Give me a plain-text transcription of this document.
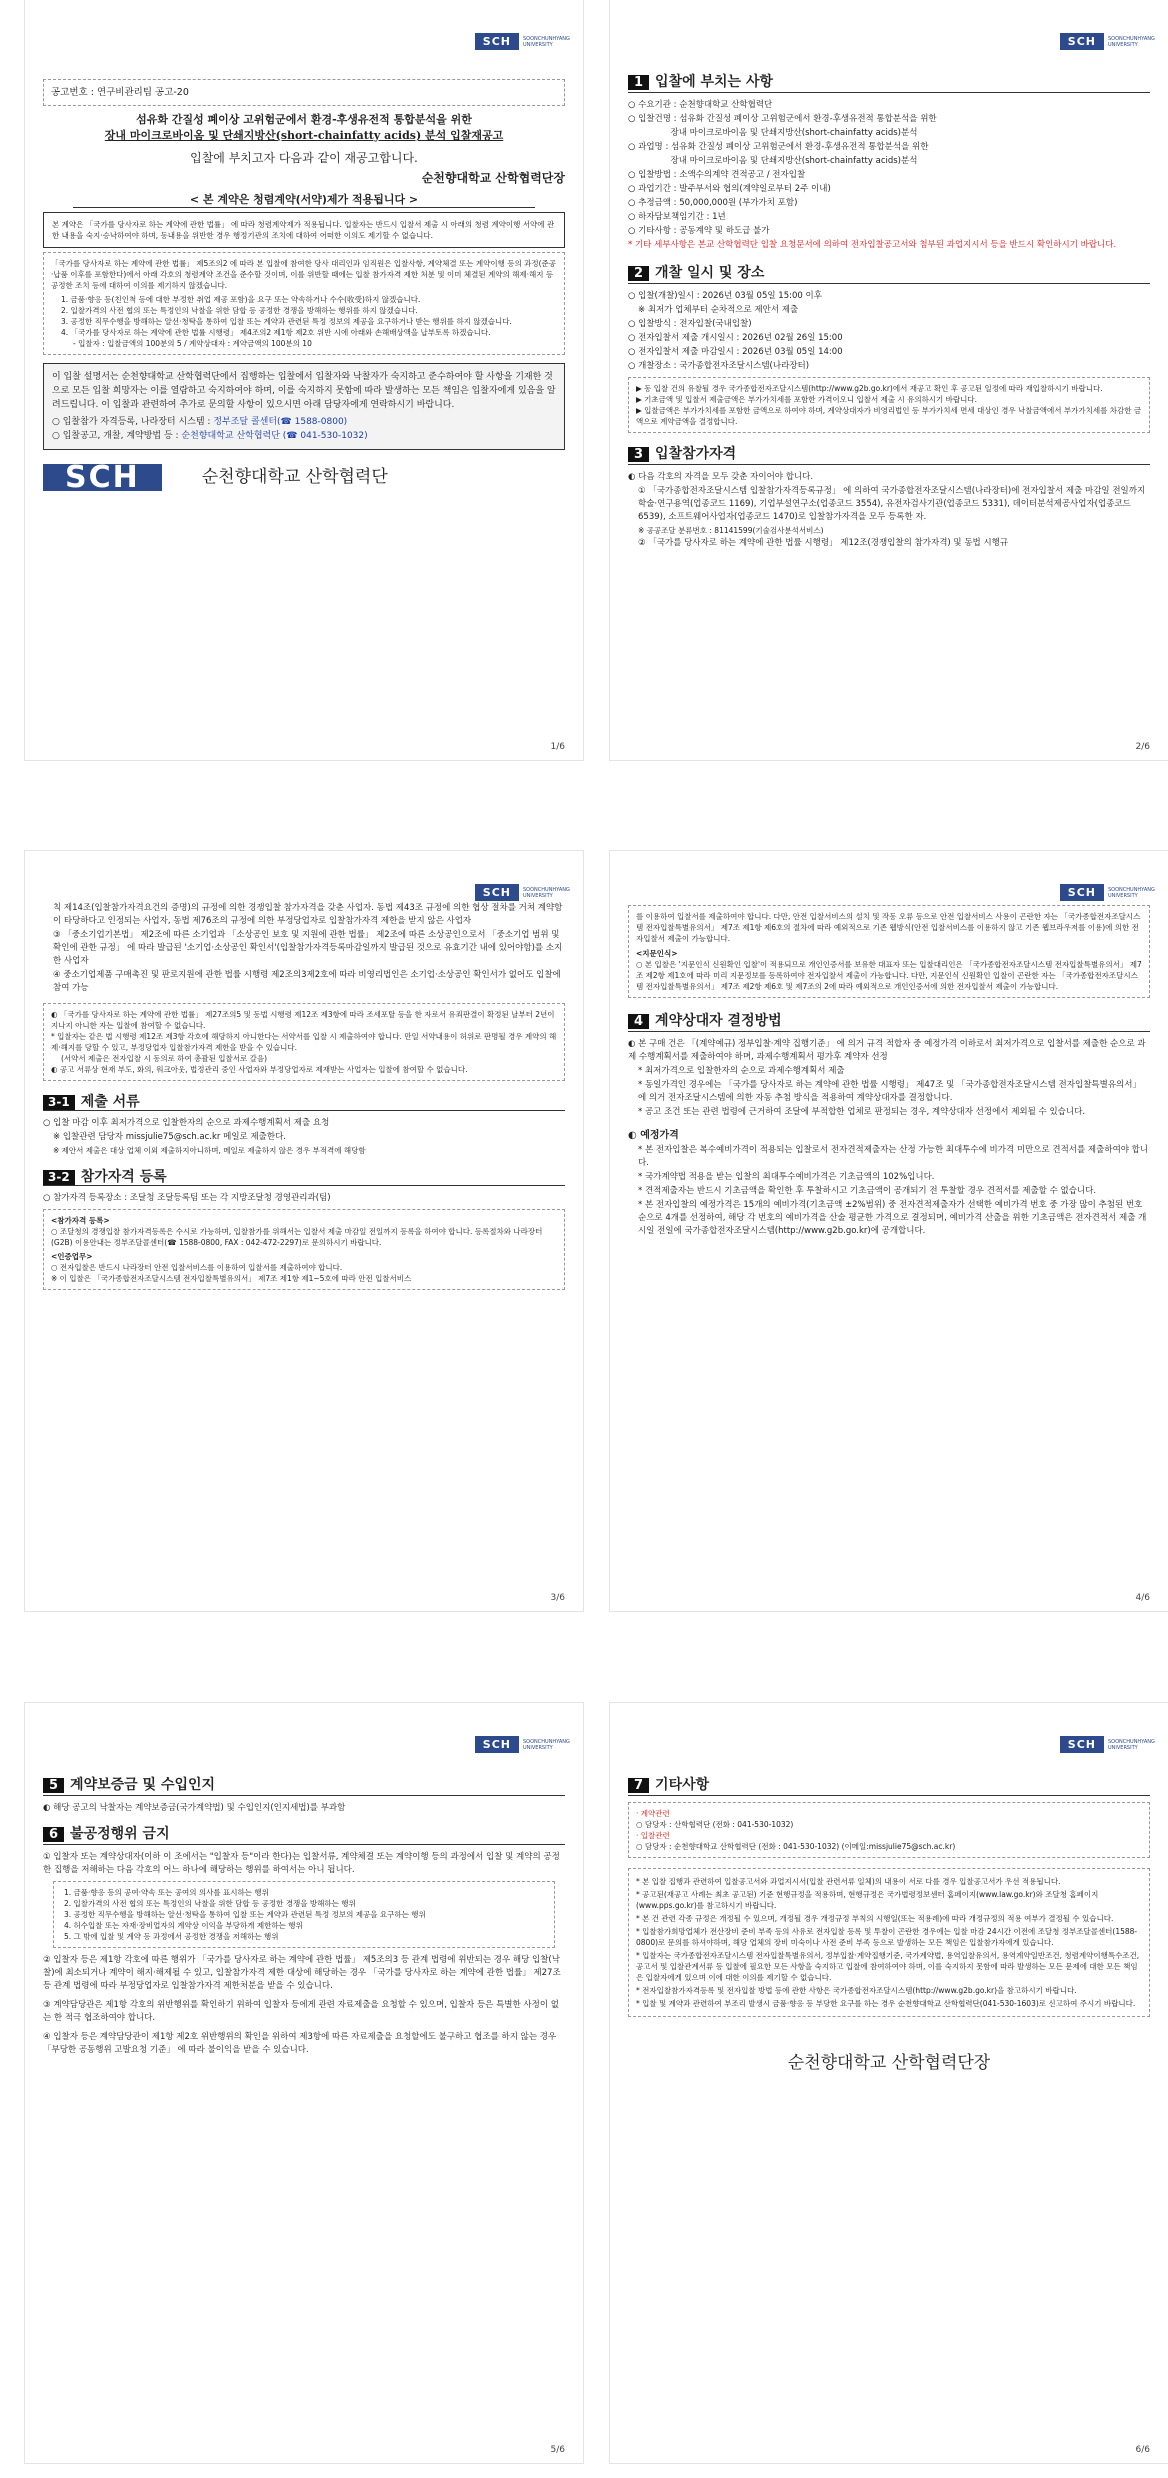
SCH	SOONCHUNHYANG UNIVERSITY
공고번호 : 연구비관리팀 공고-20
섬유화 간질성 폐이상 고위험군에서 환경-후생유전적 통합분석을 위한
장내 마이크로바이옴 및 단쇄지방산(short-chainfatty acids) 분석 입찰재공고
입찰에 부치고자 다음과 같이 재공고합니다.
순천향대학교 산학협력단장
< 본 계약은 청렴계약(서약)제가 적용됩니다 >
본 계약은 「국가를 당사자로 하는 계약에 관한 법률」 에 따라 청렴계약제가 적용됩니다. 입찰자는 반드시 입찰서 제출 시 아래의 청렴 계약이행 서약에 관한 내용을 숙지·승낙하여야 하며, 동내용을 위반한 경우 행정기관의 조치에 대하여 어떠한 이의도 제기할 수 없습니다.
「국가를 당사자로 하는 계약에 관한 법률」 제5조의2 에 따라 본 입찰에 참여한 당사 대리인과 임직원은 입찰사항, 계약체결 또는 계약이행 등의 과정(준공·납품 이후를 포함한다)에서 아래 각호의 청렴계약 조건을 준수할 것이며, 이를 위반할 때에는 입찰 참가자격 제한 처분 및 이미 체결된 계약의 해제·해지 등 공정한 조치 등에 대하여 이의를 제기하지 않겠습니다.
1. 금품·향응 등(친인척 등에 대한 부정한 취업 제공 포함)을 요구 또는 약속하거나 수수(收受)하지 않겠습니다.
2. 입찰가격의 사전 협의 또는 특정인의 낙찰을 위한 담합 등 공정한 경쟁을 방해하는 행위를 하지 않겠습니다.
3. 공정한 직무수행을 방해하는 알선·청탁을 통하여 입찰 또는 계약과 관련된 특정 정보의 제공을 요구하거나 받는 행위를 하지 않겠습니다.
4. 「국가를 당사자로 하는 계약에 관한 법률 시행령」 제4조의2 제1항 제2호 위반 시에 아래와 손해배상액을 납부토록 하겠습니다.
- 입찰자 : 입찰금액의 100분의 5 / 계약상대자 : 계약금액의 100분의 10
이 입찰 설명서는 순천향대학교 산학협력단에서 집행하는 입찰에서 입찰자와 낙찰자가 숙지하고 준수하여야 할 사항을 기재한 것으로 모든 입찰 희망자는 이를 열람하고 숙지하여야 하며, 이를 숙지하지 못함에 따라 발생하는 모든 책임은 입찰자에게 있음을 알려드립니다. 이 입찰과 관련하여 추가로 문의할 사항이 있으시면 아래 담당자에게 연락하시기 바랍니다.
○ 입찰참가 자격등록, 나라장터 시스템 : 정부조달 콜센터(☎ 1588-0800)
○ 입찰공고, 개찰, 계약방법 등 : 순천향대학교 산학협력단 (☎ 041-530-1032)
SCH	순천향대학교 산학협력단
1/6
SCH	SOONCHUNHYANG UNIVERSITY
1 입찰에 부치는 사항
○ 수요기관 : 순천향대학교 산학협력단
○ 입찰건명 : 섬유화 간질성 폐이상 고위험군에서 환경-후생유전적 통합분석을 위한
　　　　　장내 마이크로바이옴 및 단쇄지방산(short-chainfatty acids)분석
○ 과업명 : 섬유화 간질성 폐이상 고위험군에서 환경-후생유전적 통합분석을 위한
　　　　　장내 마이크로바이옴 및 단쇄지방산(short-chainfatty acids)분석
○ 입찰방법 : 소액수의계약 견적공고 / 전자입찰
○ 과업기간 : 발주부서와 협의(계약일로부터 2주 이내)
○ 추정금액 : 50,000,000원 (부가가치 포함)
○ 하자담보책임기간 : 1년
○ 기타사항 : 공동계약 및 하도급 불가
* 기타 세부사항은 본교 산학협력단 입찰 요청문서에 의하여 전자입찰공고서와 첨부된 과업지시서 등을 반드시 확인하시기 바랍니다.
2 개찰 일시 및 장소
○ 입찰(개찰)일시 : 2026년 03월 05일 15:00 이후
※ 최저가 업체부터 순차적으로 제안서 제출
○ 입찰방식 : 전자입찰(국내입찰)
○ 전자입찰서 제출 개시일시 : 2026년 02월 26일 15:00
○ 전자입찰서 제출 마감일시 : 2026년 03월 05일 14:00
○ 개찰장소 : 국가종합전자조달시스템(나라장터)
▶ 동 입찰 건의 유찰될 경우 국가종합전자조달시스템(http://www.g2b.go.kr)에서 재공고 확인 후 공고된 일정에 따라 재입찰하시기 바랍니다.
▶ 기초금액 및 입찰서 제출금액은 부가가치세를 포함한 가격이오니 입찰서 제출 시 유의하시기 바랍니다.
▶ 입찰금액은 부가가치세를 포함한 금액으로 하여야 하며, 계약상대자가 비영리법인 등 부가가치세 면세 대상인 경우 낙찰금액에서 부가가치세를 차감한 금액으로 계약금액을 결정합니다.
3 입찰참가자격
◐ 다음 각호의 자격을 모두 갖춘 자이어야 합니다.
① 「국가종합전자조달시스템 입찰참가자격등록규정」 에 의하여 국가종합전자조달시스템(나라장터)에 전자입찰서 제출 마감일 전일까지 학술·연구용역(업종코드 1169), 기업부설연구소(업종코드 3554), 유전자검사기관(업종코드 5331), 데이터분석제공사업자(업종코드 6539), 소프트웨어사업자(업종코드 1470)로 입찰참가자격을 모두 등록한 자.
※ 공공조달 분류번호 : 81141599(기술검사분석서비스)
② 「국가를 당사자로 하는 계약에 관한 법률 시행령」 제12조(경쟁입찰의 참가자격) 및 동법 시행규
2/6
SCH	SOONCHUNHYANG UNIVERSITY
칙 제14조(입찰참가자격요건의 증명)의 규정에 의한 경쟁입찰 참가자격을 갖춘 사업자. 동법 제43조 규정에 의한 협상 절차를 거쳐 계약함이 타당하다고 인정되는 사업자, 동법 제76조의 규정에 의한 부정당업자로 입찰참가자격 제한을 받지 않은 사업자
③ 「중소기업기본법」 제2조에 따른 소기업과 「소상공인 보호 및 지원에 관한 법률」 제2조에 따른 소상공인으로서 「중소기업 범위 및 확인에 관한 규정」 에 따라 발급된 '소기업·소상공인 확인서'(입찰참가자격등록마감일까지 발급된 것으로 유효기간 내에 있어야함)를 소지한 사업자
④ 중소기업제품 구매촉진 및 판로지원에 관한 법률 시행령 제2조의3제2호에 따라 비영리법인은 소기업·소상공인 확인서가 없어도 입찰에 참여 가능
◐ 「국가를 당사자로 하는 계약에 관한 법률」 제27조의5 및 동법 시행령 제12조 제3항에 따라 조세포탈 등을 한 자로서 유죄판결이 확정된 날부터 2년이 지나지 아니한 자는 입찰에 참여할 수 없습니다.
* 입찰자는 같은 법 시행령 제12조 제3항 각호에 해당하지 아니한다는 서약서를 입찰 시 제출하여야 합니다. 만일 서약내용이 허위로 판명될 경우 계약의 해제·해지를 당할 수 있고, 부정당업자 입찰참가자격 제한을 받을 수 있습니다.
(서약서 제출은 전자입찰 시 동의로 하여 총괄된 입찰서로 갈음)
◐ 공고 서류상 현재 부도, 화의, 워크아웃, 법정관리 중인 사업자와 부정당업자로 제재받는 사업자는 입찰에 참여할 수 없습니다.
3-1 제출 서류
○ 입찰 마감 이후 최저가격으로 입찰한자의 순으로 과제수행계획서 제출 요청
※ 입찰관련 담당자 missjulie75@sch.ac.kr 메일로 제출한다.
※ 제안서 제출은 대상 업체 이외 제출하지아니하며, 메일로 제출하지 않은 경우 부적격에 해당함
3-2 참가자격 등록
○ 참가자격 등록장소 : 조달청 조달등록팀 또는 각 지방조달청 경영관리과(팀)
<참가자격 등록>
○ 조달청의 경쟁입찰 참가자격등록은 수시로 가능하며, 입찰참가를 위해서는 입찰서 제출 마감일 전일까지 등록을 하여야 합니다. 등록절차와 나라장터(G2B) 이용안내는 정부조달콜센터(☎ 1588-0800, FAX : 042-472-2297)로 문의하시기 바랍니다.
<인증업무>
○ 전자입찰은 반드시 나라장터 안전 입찰서비스를 이용하여 입찰서를 제출하여야 합니다.
※ 이 입찰은 「국가종합전자조달시스템 전자입찰특별유의서」 제7조 제1항 제1~5호에 따라 안전 입찰서비스
3/6
SCH	SOONCHUNHYANG UNIVERSITY
를 이용하여 입찰서를 제출하여야 합니다. 다만, 안전 입찰서비스의 설치 및 작동 오류 등으로 안전 입찰서비스 사용이 곤란한 자는 「국가종합전자조달시스템 전자입찰특별유의서」 제7조 제1항 제6호의 절차에 따라 예외적으로 기존 웹방식(안전 입찰서비스를 이용하지 않고 기존 웹브라우저를 이용)에 의한 전자입찰서 제출이 가능합니다.
<지문인식>
○ 본 입찰은 '지문인식 신원확인 입찰'이 적용되므로 개인인증서를 보유한 대표자 또는 입찰대리인은 「국가종합전자조달시스템 전자입찰특별유의서」 제7조 제2항 제1호에 따라 미리 지문정보를 등록하여야 전자입찰서 제출이 가능합니다. 다만, 지문인식 신원확인 입찰이 곤란한 자는 「국가종합전자조달시스템 전자입찰특별유의서」 제7조 제2항 제6호 및 제7조의 2에 따라 예외적으로 개인인증서에 의한 전자입찰서 제출이 가능합니다.
4 계약상대자 결정방법
◐ 본 구매 건은 「(계약예규) 정부입찰·계약 집행기준」 에 의거 규격 적합자 중 예정가격 이하로서 최저가격으로 입찰서를 제출한 순으로 과제 수행계획서를 제출하여야 하며, 과제수행계획서 평가후 계약자 선정
* 최저가격으로 입찰한자의 순으로 과제수행계획서 제출
* 동일가격인 경우에는 「국가를 당사자로 하는 계약에 관한 법률 시행령」 제47조 및 「국가종합전자조달시스템 전자입찰특별유의서」 에 의거 전자조달시스템에 의한 자동 추첨 방식을 적용하여 계약상대자를 결정합니다.
* 공고 조건 또는 관련 법령에 근거하여 조달에 부적합한 업체로 판정되는 경우, 계약상대자 선정에서 제외될 수 있습니다.
◐ 예정가격
* 본 전자입찰은 복수예비가격이 적용되는 입찰로서 전자견적제출자는 산정 가능한 최대투수에 비가격 미만으로 견적서를 제출하여야 합니다.
* 국가계약법 적용을 받는 입찰의 최대투수예비가격은 기초금액의 102%입니다.
* 견적제출자는 반드시 기초금액을 확인한 후 투찰하시고 기초금액이 공개되기 전 투찰할 경우 견적서를 제출할 수 없습니다.
* 본 전자입찰의 예정가격은 15개의 예비가격(기초금액 ±2%범위) 중 전자견적제출자가 선택한 예비가격 번호 중 가장 많이 추첨된 번호순으로 4개를 선정하여, 해당 각 번호의 예비가격을 산술 평균한 가격으로 결정되며, 예비가격 산출을 위한 기초금액은 전자견적서 제출 개시일 전일에 국가종합전자조달시스템(http://www.g2b.go.kr)에 공개합니다.
4/6
SCH	SOONCHUNHYANG UNIVERSITY
5 계약보증금 및 수입인지
◐ 해당 공고의 낙찰자는 계약보증금(국가계약법) 및 수입인지(인지세법)를 부과함
6 불공정행위 금지
① 입찰자 또는 계약상대자(이하 이 조에서는 "입찰자 등"이라 한다)는 입찰서류, 계약체결 또는 계약이행 등의 과정에서 입찰 및 계약의 공정한 집행을 저해하는 다음 각호의 어느 하나에 해당하는 행위를 하여서는 아니 됩니다.
1. 금품·향응 등의 공여·약속 또는 공여의 의사를 표시하는 행위
2. 입찰가격의 사전 협의 또는 특정인의 낙찰을 위한 담합 등 공정한 경쟁을 방해하는 행위
3. 공정한 직무수행을 방해하는 알선·청탁을 통하여 입찰 또는 계약과 관련된 특정 정보의 제공을 요구하는 행위
4. 허수입찰 또는 자재·장비업자의 계약상 이익을 부당하게 제한하는 행위
5. 그 밖에 입찰 및 계약 등 과정에서 공정한 경쟁을 저해하는 행위
② 입찰자 등은 제1항 각호에 따른 행위가 「국가를 당사자로 하는 계약에 관한 법률」 제5조의3 등 관계 법령에 위반되는 경우 해당 입찰(낙찰)에 최소되거나 계약이 해지·해제될 수 있고, 입찰참가자격 제한 대상에 해당하는 경우 「국가를 당사자로 하는 계약에 관한 법률」 제27조 등 관계 법령에 따라 부정당업자로 입찰참가자격 제한처분을 받을 수 있습니다.
③ 계약담당관은 제1항 각호의 위반행위를 확인하기 위하여 입찰자 등에게 관련 자료제출을 요청할 수 있으며, 입찰자 등은 특별한 사정이 없는 한 적극 협조하여야 합니다.
④ 입찰자 등은 계약담당관이 제1항 제2호 위반행위의 확인을 위하여 제3항에 따른 자료제출을 요청할에도 불구하고 협조를 하지 않는 경우 「부당한 공동행위 고발요청 기준」 에 따라 불이익을 받을 수 있습니다.
5/6
SCH	SOONCHUNHYANG UNIVERSITY
7 기타사항
· 계약관련
○ 담당자 : 산학협력단 (전화 : 041-530-1032)
· 입찰관련
○ 담당자 : 순천향대학교 산학협력단 (전화 : 041-530-1032) (이메일:missjulie75@sch.ac.kr)
* 본 입찰 집행과 관련하여 입찰공고서와 과업지시서(입찰 관련서류 일체)의 내용이 서로 다를 경우 입찰공고서가 우선 적용됩니다.
* 공고된(재공고 사례는 최초 공고된) 기준 현행규정을 적용하며, 현행규정은 국가법령정보센터 홈페이지(www.law.go.kr)와 조달청 홈페이지(www.pps.go.kr)를 참고하시기 바랍니다.
* 본 건 관련 각종 규정은 개정될 수 있으며, 개정될 경우 개정규정 부칙의 시행일(또는 적용례)에 따라 개정규정의 적용 여부가 결정될 수 있습니다.
* 입찰참가희망업체가 전산장비 준비 부족 등의 사유로 전자입찰 등록 및 투찰이 곤란한 경우에는 입찰 마감 24시간 이전에 조달청 정부조달콜센터(1588-0800)로 문의를 하셔야하며, 해당 업체의 장비 미숙이나 사전 준비 부족 등으로 발생하는 모든 책임은 입찰참가자에게 있습니다.
* 입찰자는 국가종합전자조달시스템 전자입찰특별유의서, 정부입찰·계약집행기준, 국가계약법, 용역입찰유의서, 용역계약일반조건, 청렴계약이행특수조건, 공고서 및 입찰관계서류 등 입찰에 필요한 모든 사항을 숙지하고 입찰에 참여하여야 하며, 이를 숙지하지 못함에 따라 발생하는 모든 문제에 대한 모든 책임은 입찰자에게 있으며 이에 대한 이의를 제기할 수 없습니다.
* 전자입찰참가자격등록 및 전자입찰 방법 등에 관한 사항은 국가종합전자조달시스템(http://www.g2b.go.kr)을 참고하시기 바랍니다.
* 입찰 및 계약과 관련하여 부조리 발생시 금품·향응 등 부당한 요구를 하는 경우 순천향대학교 산학협력단(041-530-1603)로 신고하여 주시기 바랍니다.
순천향대학교 산학협력단장
6/6
